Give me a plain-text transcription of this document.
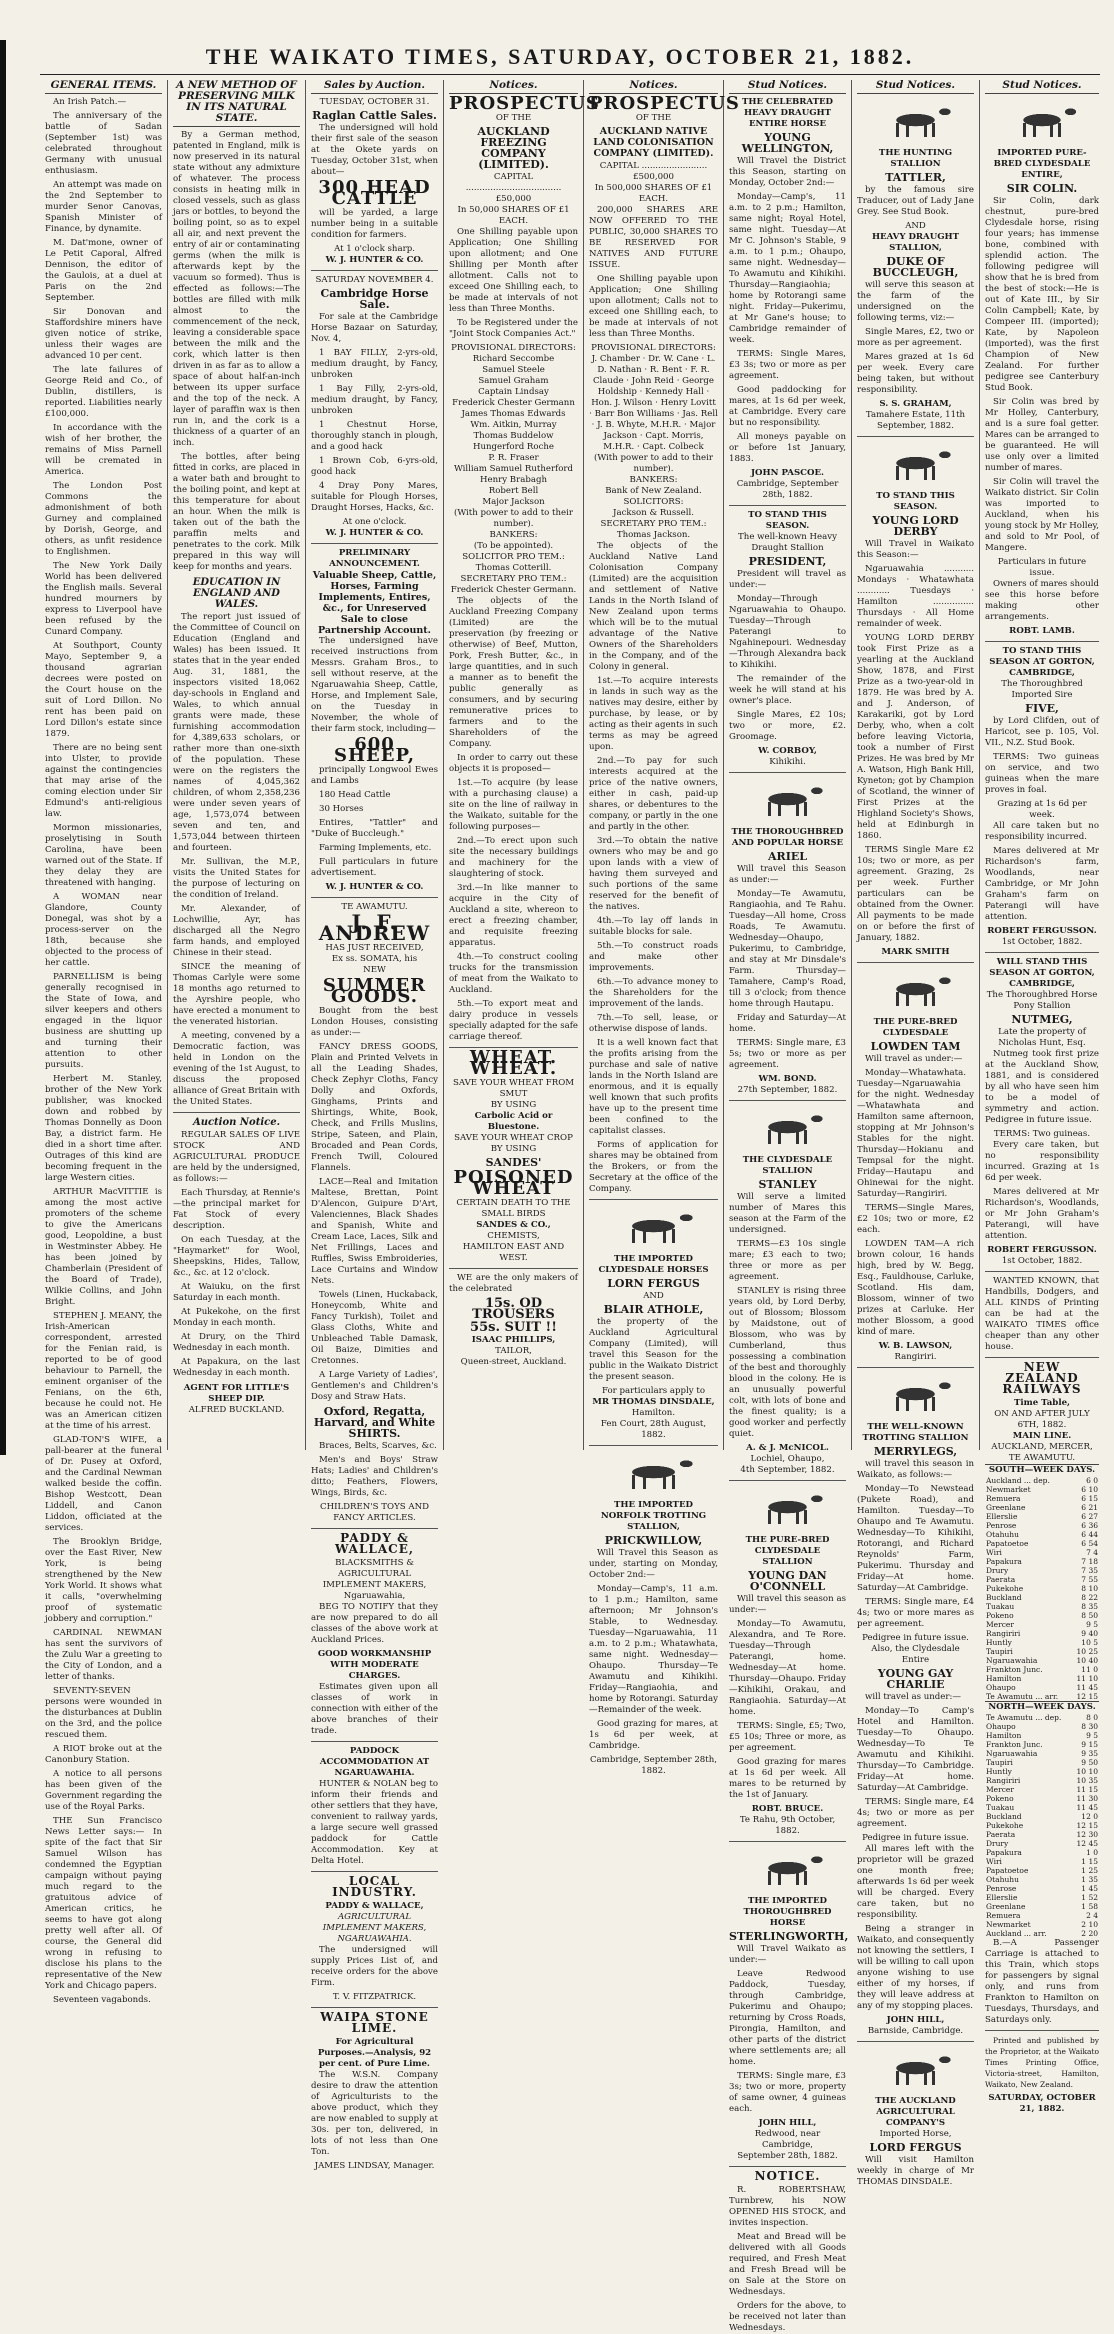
THE WAIKATO TIMES, SATURDAY, OCTOBER 21, 1882.
GENERAL ITEMS.

An Irish Patch.—

The anniversary of the battle of Sadan (September 1st) was celebrated throughout Germany with unusual enthusiasm.

An attempt was made on the 2nd September to murder Senor Canovas, Spanish Minister of Finance, by dynamite.

M. Dat'mone, owner of Le Petit Caporal, Alfred Dennison, the editor of the Gaulois, at a duel at Paris on the 2nd September.

Sir Donovan and Staffordshire miners have given notice of strike, unless their wages are advanced 10 per cent.

The late failures of George Reid and Co., of Dublin, distillers, is reported. Liabilities nearly £100,000.

In accordance with the wish of her brother, the remains of Miss Parnell will be cremated in America.

The London Post Commons the admonishment of both Gurney and complained by Dorish, George, and others, as unfit residence to Englishmen.

The New York Daily World has been delivered the English mails. Several hundred mourners by express to Liverpool have been refused by the Cunard Company.

At Southport, County Mayo, September 9, a thousand agrarian decrees were posted on the Court house on the suit of Lord Dillon. No rent has been paid on Lord Dillon's estate since 1879.

There are no being sent into Ulster, to provide against the contingencies that may arise of the coming election under Sir Edmund's anti-religious law.

Mormon missionaries, proselytising in South Carolina, have been warned out of the State. If they delay they are threatened with hanging.

A WOMAN near Glandore, County Donegal, was shot by a process-server on the 18th, because she objected to the process of her cattle.

PARNELLISM is being generally recognised in the State of Iowa, and silver keepers and others engaged in the liquor business are shutting up and turning their attention to other pursuits.

Herbert M. Stanley, brother of the New York publisher, was knocked down and robbed by Thomas Donnelly as Doon Bay, a district farm. He died in a short time after. Outrages of this kind are becoming frequent in the large Western cities.

ARTHUR MacVITTIE is among the most active promoters of the scheme to give the Americans good, Leopoldine, a bust in Westminster Abbey. He has been joined by Chamberlain (President of the Board of Trade), Wilkie Collins, and John Bright.

STEPHEN J. MEANY, the Irish-American correspondent, arrested for the Fenian raid, is reported to be of good behaviour to Parnell, the eminent organiser of the Fenians, on the 6th, because he could not. He was an American citizen at the time of his arrest.

GLAD-TON'S WIFE, a pall-bearer at the funeral of Dr. Pusey at Oxford, and the Cardinal Newman walked beside the coffin. Bishop Westcott, Dean Liddell, and Canon Liddon, officiated at the services.

The Brooklyn Bridge, over the East River, New York, is being strengthened by the New York World. It shows what it calls, "overwhelming proof of systematic jobbery and corruption."

CARDINAL NEWMAN has sent the survivors of the Zulu War a greeting to the City of London, and a letter of thanks.

SEVENTY-SEVEN persons were wounded in the disturbances at Dublin on the 3rd, and the police rescued them.

A RIOT broke out at the Canonbury Station.

A notice to all persons has been given of the Government regarding the use of the Royal Parks.

THE Sun Francisco News Letter says:— In spite of the fact that Sir Samuel Wilson has condemned the Egyptian campaign without paying much regard to the gratuitous advice of American critics, he seems to have got along pretty well after all. Of course, the General did wrong in refusing to disclose his plans to the representative of the New York and Chicago papers.

Seventeen vagabonds.

A NEW METHOD OF PRESERVING MILK IN ITS NATURAL STATE.

By a German method, patented in England, milk is now preserved in its natural state without any admixture of whatever. The process consists in heating milk in closed vessels, such as glass jars or bottles, to beyond the boiling point, so as to expel all air, and next prevent the entry of air or contaminating germs (when the milk is afterwards kept by the vacuum so formed). Thus is effected as follows:—The bottles are filled with milk almost to the commencement of the neck, leaving a considerable space between the milk and the cork, which latter is then driven in as far as to allow a space of about half-an-inch between its upper surface and the top of the neck. A layer of paraffin wax is then run in, and the cork is a thickness of a quarter of an inch.

The bottles, after being fitted in corks, are placed in a water bath and brought to the boiling point, and kept at this temperature for about an hour. When the milk is taken out of the bath the paraffin melts and penetrates to the cork. Milk prepared in this way will keep for months and years.

EDUCATION IN ENGLAND AND WALES.

The report just issued of the Committee of Council on Education (England and Wales) has been issued. It states that in the year ended Aug. 31, 1881, the inspectors visited 18,062 day-schools in England and Wales, to which annual grants were made, these furnishing accommodation for 4,389,633 scholars, or rather more than one-sixth of the population. These were on the registers the names of 4,045,362 children, of whom 2,358,236 were under seven years of age, 1,573,074 between seven and ten, and 1,573,044 between thirteen and fourteen.

Mr. Sullivan, the M.P., visits the United States for the purpose of lecturing on the condition of Ireland.

Mr. Alexander, of Lochwillie, Ayr, has discharged all the Negro farm hands, and employed Chinese in their stead.

SINCE the meaning of Thomas Carlyle were some 18 months ago returned to the Ayrshire people, who have erected a monument to the venerated historian.

A meeting, convened by a Democratic faction, was held in London on the evening of the 1st August, to discuss the proposed alliance of Great Britain with the United States.

Auction Notice.

REGULAR SALES OF LIVE STOCK AND AGRICULTURAL PRODUCE are held by the undersigned, as follows:—

Each Thursday, at Rennie's—the principal market for Fat Stock of every description.

On each Tuesday, at the "Haymarket" for Wool, Sheepskins, Hides, Tallow, &c., &c. at 12 o'clock.

At Waiuku, on the first Saturday in each month.

At Pukekohe, on the first Monday in each month.

At Drury, on the Third Wednesday in each month.

At Papakura, on the last Wednesday in each month.

AGENT FOR LITTLE'S SHEEP DIP.
ALFRED BUCKLAND.
Sales by Auction.
TUESDAY, OCTOBER 31.
Raglan Cattle Sales.

The undersigned will hold their first sale of the season at the Okete yards on Tuesday, October 31st, when about—

300 HEAD CATTLE

will be yarded, a large number being in a suitable condition for farmers.

At 1 o'clock sharp.
W. J. HUNTER & CO.
SATURDAY NOVEMBER 4.
Cambridge Horse Sale.

For sale at the Cambridge Horse Bazaar on Saturday, Nov. 4,

1 BAY FILLY, 2-yrs-old, medium draught, by Fancy, unbroken

1 Bay Filly, 2-yrs-old, medium draught, by Fancy, unbroken

1 Chestnut Horse, thoroughly stanch in plough, and a good hack

1 Brown Cob, 6-yrs-old, good hack

4 Dray Pony Mares, suitable for Plough Horses, Draught Horses, Hacks, &c.

At one o'clock.
W. J. HUNTER & CO.
PRELIMINARY ANNOUNCEMENT.
Valuable Sheep, Cattle, Horses, Farming Implements, Entires, &c., for Unreserved Sale to close Partnership Account.

The undersigned have received instructions from Messrs. Graham Bros., to sell without reserve, at the Ngaruawahia Sheep, Cattle, Horse, and Implement Sale, on the Tuesday in November, the whole of their farm stock, including—

600 SHEEP,

principally Longwool Ewes and Lambs

180 Head Cattle

30 Horses

Entires, "Tattler" and "Duke of Buccleugh."

Farming Implements, etc.

Full particulars in future advertisement.

W. J. HUNTER & CO.
TE AWAMUTU.
J. F. ANDREW
HAS JUST RECEIVED,
Ex ss. SOMATA, his
NEW
SUMMER GOODS.

Bought from the best London Houses, consisting as under:—

FANCY DRESS GOODS, Plain and Printed Velvets in all the Leading Shades, Check Zephyr Cloths, Fancy Dolly and Oxfords, Ginghams, Prints and Shirtings, White, Book, Check, and Frills Muslins, Stripe, Sateen, and Plain, Brocaded and Pean Cords, French Twill, Coloured Flannels.

LACE—Real and Imitation Maltese, Brettan, Point D'Alencon, Guipure D'Art, Valenciennes, Black Shades and Spanish, White and Cream Lace, Laces, Silk and Net Frillings, Laces and Ruffles, Swiss Embroideries, Lace Curtains and Window Nets.

Towels (Linen, Huckaback, Honeycomb, White and Fancy Turkish), Toilet and Glass Cloths, White and Unbleached Table Damask, Oil Baize, Dimities and Cretonnes.

A Large Variety of Ladies', Gentlemen's and Children's Dosy and Straw Hats.

Oxford, Regatta, Harvard, and White SHIRTS.

Braces, Belts, Scarves, &c.

Men's and Boys' Straw Hats; Ladies' and Children's ditto; Feathers, Flowers, Wings, Birds, &c.

CHILDREN'S TOYS AND FANCY ARTICLES.
PADDY & WALLACE,
BLACKSMITHS & AGRICULTURAL IMPLEMENT MAKERS,
Ngaruawahia,

BEG TO NOTIFY that they are now prepared to do all classes of the above work at Auckland Prices.

GOOD WORKMANSHIP WITH MODERATE CHARGES.

Estimates given upon all classes of work in connection with either of the above branches of their trade.

PADDOCK ACCOMMODATION AT NGARUAWAHIA.

HUNTER & NOLAN beg to inform their friends and other settlers that they have, convenient to railway yards, a large secure well grassed paddock for Cattle Accommodation. Key at Delta Hotel.

LOCAL INDUSTRY.
PADDY & WALLACE,
AGRICULTURAL IMPLEMENT MAKERS, NGARUAWAHIA.

The undersigned will supply Prices List of, and receive orders for the above Firm.

T. V. FITZPATRICK.
WAIPA STONE LIME.
For Agricultural Purposes.—Analysis, 92 per cent. of Pure Lime.

The W.S.N. Company desire to draw the attention of Agriculturists to the above product, which they are now enabled to supply at 30s. per ton, delivered, in lots of not less than One Ton.

JAMES LINDSAY, Manager.
Notices.
PROSPECTUS
OF THE
AUCKLAND FREEZING COMPANY (LIMITED).
CAPITAL ................................... £50,000
In 50,000 SHARES OF £1 EACH.

One Shilling payable upon Application; One Shilling upon allotment; and One Shilling per Month after allotment. Calls not to exceed One Shilling each, to be made at intervals of not less than Three Months.

To be Registered under the "Joint Stock Companies Act."

PROVISIONAL DIRECTORS:
Richard Seccombe
Samuel Steele
Samuel Graham
Captain Lindsay
Frederick Chester Germann
James Thomas Edwards
Wm. Aitkin, Murray
Thomas Buddelow
Hungerford Roche
P. R. Fraser
William Samuel Rutherford
Henry Brabagh
Robert Bell
Major Jackson
(With power to add to their number).
BANKERS:
(To be appointed).
SOLICITOR PRO TEM.:
Thomas Cotterill.
SECRETARY PRO TEM.:
Frederick Chester Germann.

The objects of the Auckland Freezing Company (Limited) are the preservation (by freezing or otherwise) of Beef, Mutton, Pork, Fresh Butter, &c., in large quantities, and in such a manner as to benefit the public generally as consumers, and by securing remunerative prices to farmers and to the Shareholders of the Company.

In order to carry out these objects it is proposed—

1st.—To acquire (by lease with a purchasing clause) a site on the line of railway in the Waikato, suitable for the following purposes—

2nd.—To erect upon such site the necessary buildings and machinery for the slaughtering of stock.

3rd.—In like manner to acquire in the City of Auckland a site, whereon to erect a freezing chamber, and requisite freezing apparatus.

4th.—To construct cooling trucks for the transmission of meat from the Waikato to Auckland.

5th.—To export meat and dairy produce in vessels specially adapted for the safe carriage thereof.

WHEAT. WHEAT.
SAVE YOUR WHEAT FROM SMUT
BY USING
Carbolic Acid or Bluestone.
SAVE YOUR WHEAT CROP
BY USING
SANDES'
POISONED WHEAT
CERTAIN DEATH TO THE SMALL BIRDS
SANDES & CO.,
CHEMISTS,
HAMILTON EAST AND WEST.

WE are the only makers of the celebrated

15s. OD TROUSERS
55s. SUIT !!
ISAAC PHILLIPS,
TAILOR,
Queen-street, Auckland.
Notices.
PROSPECTUS
OF THE
AUCKLAND NATIVE LAND COLONISATION COMPANY (LIMITED).
CAPITAL ........................ £500,000
In 500,000 SHARES OF £1 EACH.

200,000 SHARES ARE NOW OFFERED TO THE PUBLIC, 30,000 SHARES TO BE RESERVED FOR NATIVES AND FUTURE ISSUE.

One Shilling payable upon Application; One Shilling upon allotment; Calls not to exceed one Shilling each, to be made at intervals of not less than Three Months.

PROVISIONAL DIRECTORS:
J. Chamber · Dr. W. Cane · L. D. Nathan · R. Bent · F. R. Claude · John Reid · George Holdship · Kennedy Hall · Hon. J. Wilson · Henry Lovitt · Barr Bon Williams · Jas. Rell · J. B. Whyte, M.H.R. · Major Jackson · Capt. Morris, M.H.R. · Capt. Colbeck
(With power to add to their number).
BANKERS:
Bank of New Zealand.
SOLICITORS:
Jackson & Russell.
SECRETARY PRO TEM.:
Thomas Jackson.

The objects of the Auckland Native Land Colonisation Company (Limited) are the acquisition and settlement of Native Lands in the North Island of New Zealand upon terms which will be to the mutual advantage of the Native Owners of the Shareholders in the Company, and of the Colony in general.

1st.—To acquire interests in lands in such way as the natives may desire, either by purchase, by lease, or by acting as their agents in such terms as may be agreed upon.

2nd.—To pay for such interests acquired at the price of the native owners, either in cash, paid-up shares, or debentures to the company, or partly in the one and partly in the other.

3rd.—To obtain the native owners who may be and go upon lands with a view of having them surveyed and such portions of the same reserved for the benefit of the natives.

4th.—To lay off lands in suitable blocks for sale.

5th.—To construct roads and make other improvements.

6th.—To advance money to the Shareholders for the improvement of the lands.

7th.—To sell, lease, or otherwise dispose of lands.

It is a well known fact that the profits arising from the purchase and sale of native lands in the North Island are enormous, and it is equally well known that such profits have up to the present time been confined to the capitalist classes.

Forms of application for shares may be obtained from the Brokers, or from the Secretary at the office of the Company.

THE IMPORTED CLYDESDALE HORSES
LORN FERGUS
AND
BLAIR ATHOLE,

the property of the Auckland Agricultural Company (Limited), will travel this Season for the public in the Waikato District the present season.

For particulars apply to
MR THOMAS DINSDALE,
Hamilton.
Fen Court, 28th August, 1882.
THE IMPORTED NORFOLK TROTTING STALLION,
PRICKWILLOW,

Will Travel this Season as under, starting on Monday, October 2nd:—

Monday—Camp's, 11 a.m. to 1 p.m.; Hamilton, same afternoon; Mr Johnson's Stable, to Wednesday. Tuesday—Ngaruawahia, 11 a.m. to 2 p.m.; Whatawhata, same night. Wednesday—Ohaupo. Thursday—Te Awamutu and Kihikihi. Friday—Rangiaohia, and home by Rotorangi. Saturday—Remainder of the week.

Good grazing for mares, at 1s 6d per week, at Cambridge.

Cambridge, September 28th, 1882.
Stud Notices.
THE CELEBRATED HEAVY DRAUGHT ENTIRE HORSE
YOUNG WELLINGTON,

Will Travel the District this Season, starting on Monday, October 2nd:—

Monday—Camp's, 11 a.m. to 2 p.m.; Hamilton, same night; Royal Hotel, same night. Tuesday—At Mr C. Johnson's Stable, 9 a.m. to 1 p.m.; Ohaupo, same night. Wednesday—To Awamutu and Kihikihi. Thursday—Rangiaohia; home by Rotorangi same night. Friday—Pukerimu, at Mr Gane's house; to Cambridge remainder of week.

TERMS: Single Mares, £3 3s; two or more as per agreement.

Good paddocking for mares, at 1s 6d per week, at Cambridge. Every care but no responsibility.

All moneys payable on or before 1st January, 1883.

JOHN PASCOE.
Cambridge, September 28th, 1882.
TO STAND THIS SEASON.
The well-known Heavy Draught Stallion
PRESIDENT,

President will travel as under:—

Monday—Through Ngaruawahia to Ohaupo. Tuesday—Through Paterangi to Ngahinepouri. Wednesday—Through Alexandra back to Kihikihi.

The remainder of the week he will stand at his owner's place.

Single Mares, £2 10s; two or more, £2. Groomage.

W. CORBOY,
Kihikihi.
THE THOROUGHBRED AND POPULAR HORSE
ARIEL

Will travel this Season as under:—

Monday—Te Awamutu, Rangiaohia, and Te Rahu. Tuesday—All home, Cross Roads, Te Awamutu. Wednesday—Ohaupo, Pukerimu, to Cambridge, and stay at Mr Dinsdale's Farm. Thursday—Tamahere, Camp's Road, till 3 o'clock; from thence home through Hautapu.

Friday and Saturday—At home.

TERMS: Single mare, £3 5s; two or more as per agreement.

WM. BOND.
27th September, 1882.
THE CLYDESDALE STALLION
STANLEY

Will serve a limited number of Mares this season at the Farm of the undersigned.

TERMS—£3 10s single mare; £3 each to two; three or more as per agreement.

STANLEY is rising three years old, by Lord Derby, out of Blossom; Blossom by Maidstone, out of Blossom, who was by Cumberland, thus possessing a combination of the best and thoroughly blood in the colony. He is an unusually powerful colt, with lots of bone and the finest quality; is a good worker and perfectly quiet.

A. & J. McNICOL.
Lochiel, Ohaupo,
4th September, 1882.
THE PURE-BRED CLYDESDALE STALLION
YOUNG DAN O'CONNELL

Will travel this season as under:—

Monday—To Awamutu, Alexandra, and Te Rore. Tuesday—Through Paterangi, home. Wednesday—At home. Thursday—Ohaupo. Friday—Kihikihi, Orakau, and Rangiaohia. Saturday—At home.

TERMS: Single, £5; Two, £5 10s; Three or more, as per agreement.

Good grazing for mares at 1s 6d per week. All mares to be returned by the 1st of January.

ROBT. BRUCE.
Te Rahu, 9th October, 1882.
THE IMPORTED THOROUGHBRED HORSE
STERLINGWORTH,

Will Travel Waikato as under:—

Leave Redwood Paddock, Tuesday, through Cambridge, Pukerimu and Ohaupo; returning by Cross Roads, Pirongia, Hamilton, and other parts of the district where settlements are; all home.

TERMS: Single mare, £3 3s; two or more, property of same owner, 4 guineas each.

JOHN HILL,
Redwood, near Cambridge,
September 28th, 1882.
NOTICE.

R. ROBERTSHAW, Turnbrew, his NOW OPENED HIS STOCK, and invites inspection.

Meat and Bread will be delivered with all Goods required, and Fresh Meat and Fresh Bread will be on Sale at the Store on Wednesdays.

Orders for the above, to be received not later than Wednesdays.

Stud Notices.
THE HUNTING STALLION
TATTLER,

by the famous sire Traducer, out of Lady Jane Grey. See Stud Book.

AND
HEAVY DRAUGHT STALLION,
DUKE OF BUCCLEUGH,

will serve this season at the farm of the undersigned on the following terms, viz:—

Single Mares, £2, two or more as per agreement.

Mares grazed at 1s 6d per week. Every care being taken, but without responsibility.

S. S. GRAHAM,
Tamahere Estate, 11th September, 1882.
TO STAND THIS SEASON.
YOUNG LORD DERBY

Will Travel in Waikato this Season:—

Ngaruawahia ........... Mondays · Whatawhata ............ Tuesdays · Hamilton ............... Thursdays · All Home remainder of week.

YOUNG LORD DERBY took First Prize as a yearling at the Auckland Show, 1878, and First Prize as a two-year-old in 1879. He was bred by A. and J. Anderson, of Karakariki, got by Lord Derby, who, when a colt before leaving Victoria, took a number of First Prizes. He was bred by Mr A. Watson, High Bank Hill, Kyneton; got by Champion of Scotland, the winner of First Prizes at the Highland Society's Shows, held at Edinburgh in 1860.

TERMS Single Mare £2 10s; two or more, as per agreement. Grazing, 2s per week. Further particulars can be obtained from the Owner. All payments to be made on or before the first of January, 1882.

MARK SMITH
THE PURE-BRED CLYDESDALE
LOWDEN TAM

Will travel as under:—

Monday—Whatawhata. Tuesday—Ngaruawahia for the night. Wednesday—Whatawhata and Hamilton same afternoon, stopping at Mr Johnson's Stables for the night. Thursday—Hokianu and Tempsal for the night. Friday—Hautapu and Ohinewai for the night. Saturday—Rangiriri.

TERMS—Single Mares, £2 10s; two or more, £2 each.

LOWDEN TAM—A rich brown colour, 16 hands high, bred by W. Begg, Esq., Fauldhouse, Carluke, Scotland. His dam, Blossom, winner of two prizes at Carluke. Her mother Blossom, a good kind of mare.

W. B. LAWSON,
Rangiriri.
THE WELL-KNOWN TROTTING STALLION
MERRYLEGS,

will travel this season in Waikato, as follows:—

Monday—To Newstead (Pukete Road), and Hamilton. Tuesday—To Ohaupo and Te Awamutu. Wednesday—To Kihikihi, Rotorangi, and Richard Reynolds' Farm, Pukerimu. Thursday and Friday—At home. Saturday—At Cambridge.

TERMS: Single mare, £4 4s; two or more mares as per agreement.

Pedigree in future issue.
Also, the Clydesdale Entire
YOUNG GAY CHARLIE

will travel as under:—

Monday—To Camp's Hotel and Hamilton. Tuesday—To Ohaupo. Wednesday—To Te Awamutu and Kihikihi. Thursday—To Cambridge. Friday—At home. Saturday—At Cambridge.

TERMS: Single mare, £4 4s; two or more as per agreement.

Pedigree in future issue.

All mares left with the proprietor will be grazed one month free; afterwards 1s 6d per week will be charged. Every care taken, but no responsibility.

Being a stranger in Waikato, and consequently not knowing the settlers, I will be willing to call upon anyone wishing to use either of my horses, if they will leave address at any of my stopping places.

JOHN HILL,
Barnside, Cambridge.
THE AUCKLAND AGRICULTURAL COMPANY'S
Imported Horse,
LORD FERGUS

Will visit Hamilton weekly in charge of Mr THOMAS DINSDALE.

Stud Notices.
IMPORTED PURE-BRED CLYDESDALE ENTIRE,
SIR COLIN.

Sir Colin, dark chestnut, pure-bred Clydesdale horse, rising four years; has immense bone, combined with splendid action. The following pedigree will show that he is bred from the best of stock:—He is out of Kate III., by Sir Colin Campbell; Kate, by Compeer III. (imported); Kate, by Napoleon (imported), was the first Champion of New Zealand. For further pedigree see Canterbury Stud Book.

Sir Colin was bred by Mr Holley, Canterbury, and is a sure foal getter. Mares can be arranged to be guaranteed. He will use only over a limited number of mares.

Sir Colin will travel the Waikato district. Sir Colin was imported to Auckland, when his young stock by Mr Holley, and sold to Mr Pool, of Mangere.

Particulars in future issue.

Owners of mares should see this horse before making other arrangements.

ROBT. LAMB.
TO STAND THIS SEASON AT GORTON, CAMBRIDGE,
The Thoroughbred Imported Sire
FIVE,

by Lord Clifden, out of Haricot, see p. 105, Vol. VII., N.Z. Stud Book.

TERMS: Two guineas on service, and two guineas when the mare proves in foal.

Grazing at 1s 6d per week.

All care taken but no responsibility incurred.

Mares delivered at Mr Richardson's farm, Woodlands, near Cambridge, or Mr John Graham's farm on Paterangi will have attention.

ROBERT FERGUSSON.
1st October, 1882.
WILL STAND THIS SEASON AT GORTON, CAMBRIDGE,
The Thoroughbred Horse Pony Stallion
NUTMEG,
Late the property of Nicholas Hunt, Esq.

Nutmeg took first prize at the Auckland Show, 1881, and is considered by all who have seen him to be a model of symmetry and action. Pedigree in future issue.

TERMS: Two guineas.

Every care taken, but no responsibility incurred. Grazing at 1s 6d per week.

Mares delivered at Mr Richardson's, Woodlands, or Mr John Graham's Paterangi, will have attention.

ROBERT FERGUSSON.
1st October, 1882.

WANTED KNOWN, that Handbills, Dodgers, and ALL KINDS of Printing can be had at the WAIKATO TIMES office cheaper than any other house.

NEW ZEALAND RAILWAYS
Time Table,
ON AND AFTER JULY 6TH, 1882.
MAIN LINE.
AUCKLAND, MERCER, TE AWAMUTU.
SOUTH—WEEK DAYS.
Auckland ... dep.	6 0
Newmarket	6 10
Remuera	6 15
Greenlane	6 21
Ellerslie	6 27
Penrose	6 36
Otahuhu	6 44
Papatoetoe	6 54
Wiri	7 4
Papakura	7 18
Drury	7 35
Paerata	7 55
Pukekohe	8 10
Buckland	8 22
Tuakau	8 35
Pokeno	8 50
Mercer	9 5
Rangiriri	9 40
Huntly	10 5
Taupiri	10 25
Ngaruawahia	10 40
Frankton Junc.	11 0
Hamilton	11 10
Ohaupo	11 45
Te Awamutu ... arr.	12 15
NORTH—WEEK DAYS.
Te Awamutu ... dep.	8 0
Ohaupo	8 30
Hamilton	9 5
Frankton Junc.	9 15
Ngaruawahia	9 35
Taupiri	9 50
Huntly	10 10
Rangiriri	10 35
Mercer	11 15
Pokeno	11 30
Tuakau	11 45
Buckland	12 0
Pukekohe	12 15
Paerata	12 30
Drury	12 45
Papakura	1 0
Wiri	1 15
Papatoetoe	1 25
Otahuhu	1 35
Penrose	1 45
Ellerslie	1 52
Greenlane	1 58
Remuera	2 4
Newmarket	2 10
Auckland ... arr.	2 20

B.—A Passenger Carriage is attached to this Train, which stops for passengers by signal only, and runs from Frankton to Hamilton on Tuesdays, Thursdays, and Saturdays only.

Printed and published by the Proprietor, at the Waikato Times Printing Office, Victoria-street, Hamilton, Waikato, New Zealand.

SATURDAY, OCTOBER 21, 1882.
